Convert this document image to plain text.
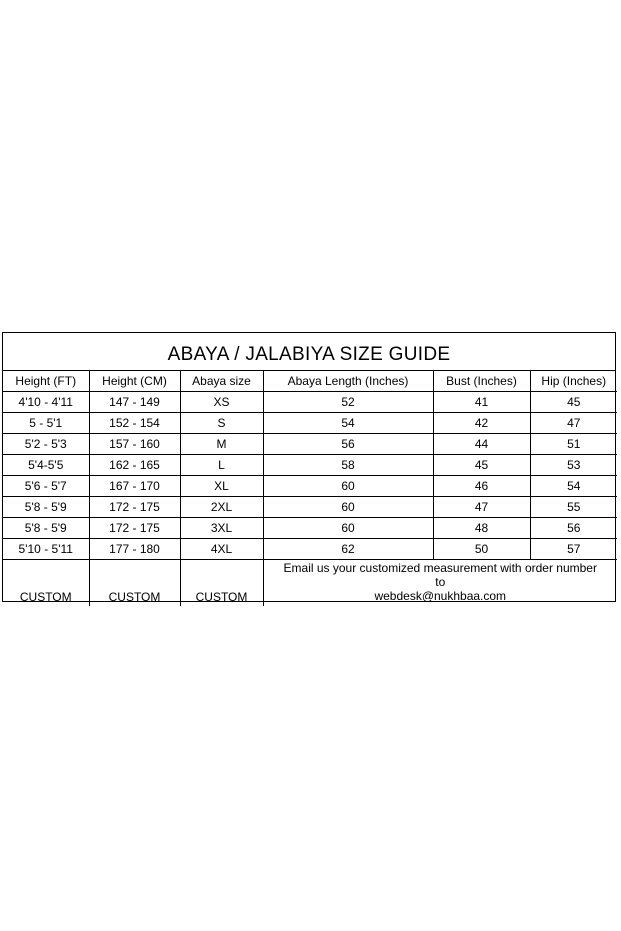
ABAYA / JALABIYA SIZE GUIDE
Height (FT)	Height (CM)	Abaya size	Abaya Length (Inches)	Bust (Inches)	Hip (Inches)
4'10 - 4'11	147 - 149	XS	52	41	45
5 - 5'1	152 - 154	S	54	42	47
5'2 - 5'3	157 - 160	M	56	44	51
5'4-5'5	162 - 165	L	58	45	53
5'6 - 5'7	167 - 170	XL	60	46	54
5'8 - 5'9	172 - 175	2XL	60	47	55
5'8 - 5'9	172 - 175	3XL	60	48	56
5'10 - 5'11	177 - 180	4XL	62	50	57
CUSTOM	CUSTOM	CUSTOM	Email us your customized measurement with order number
to
webdesk@nukhbaa.com		
